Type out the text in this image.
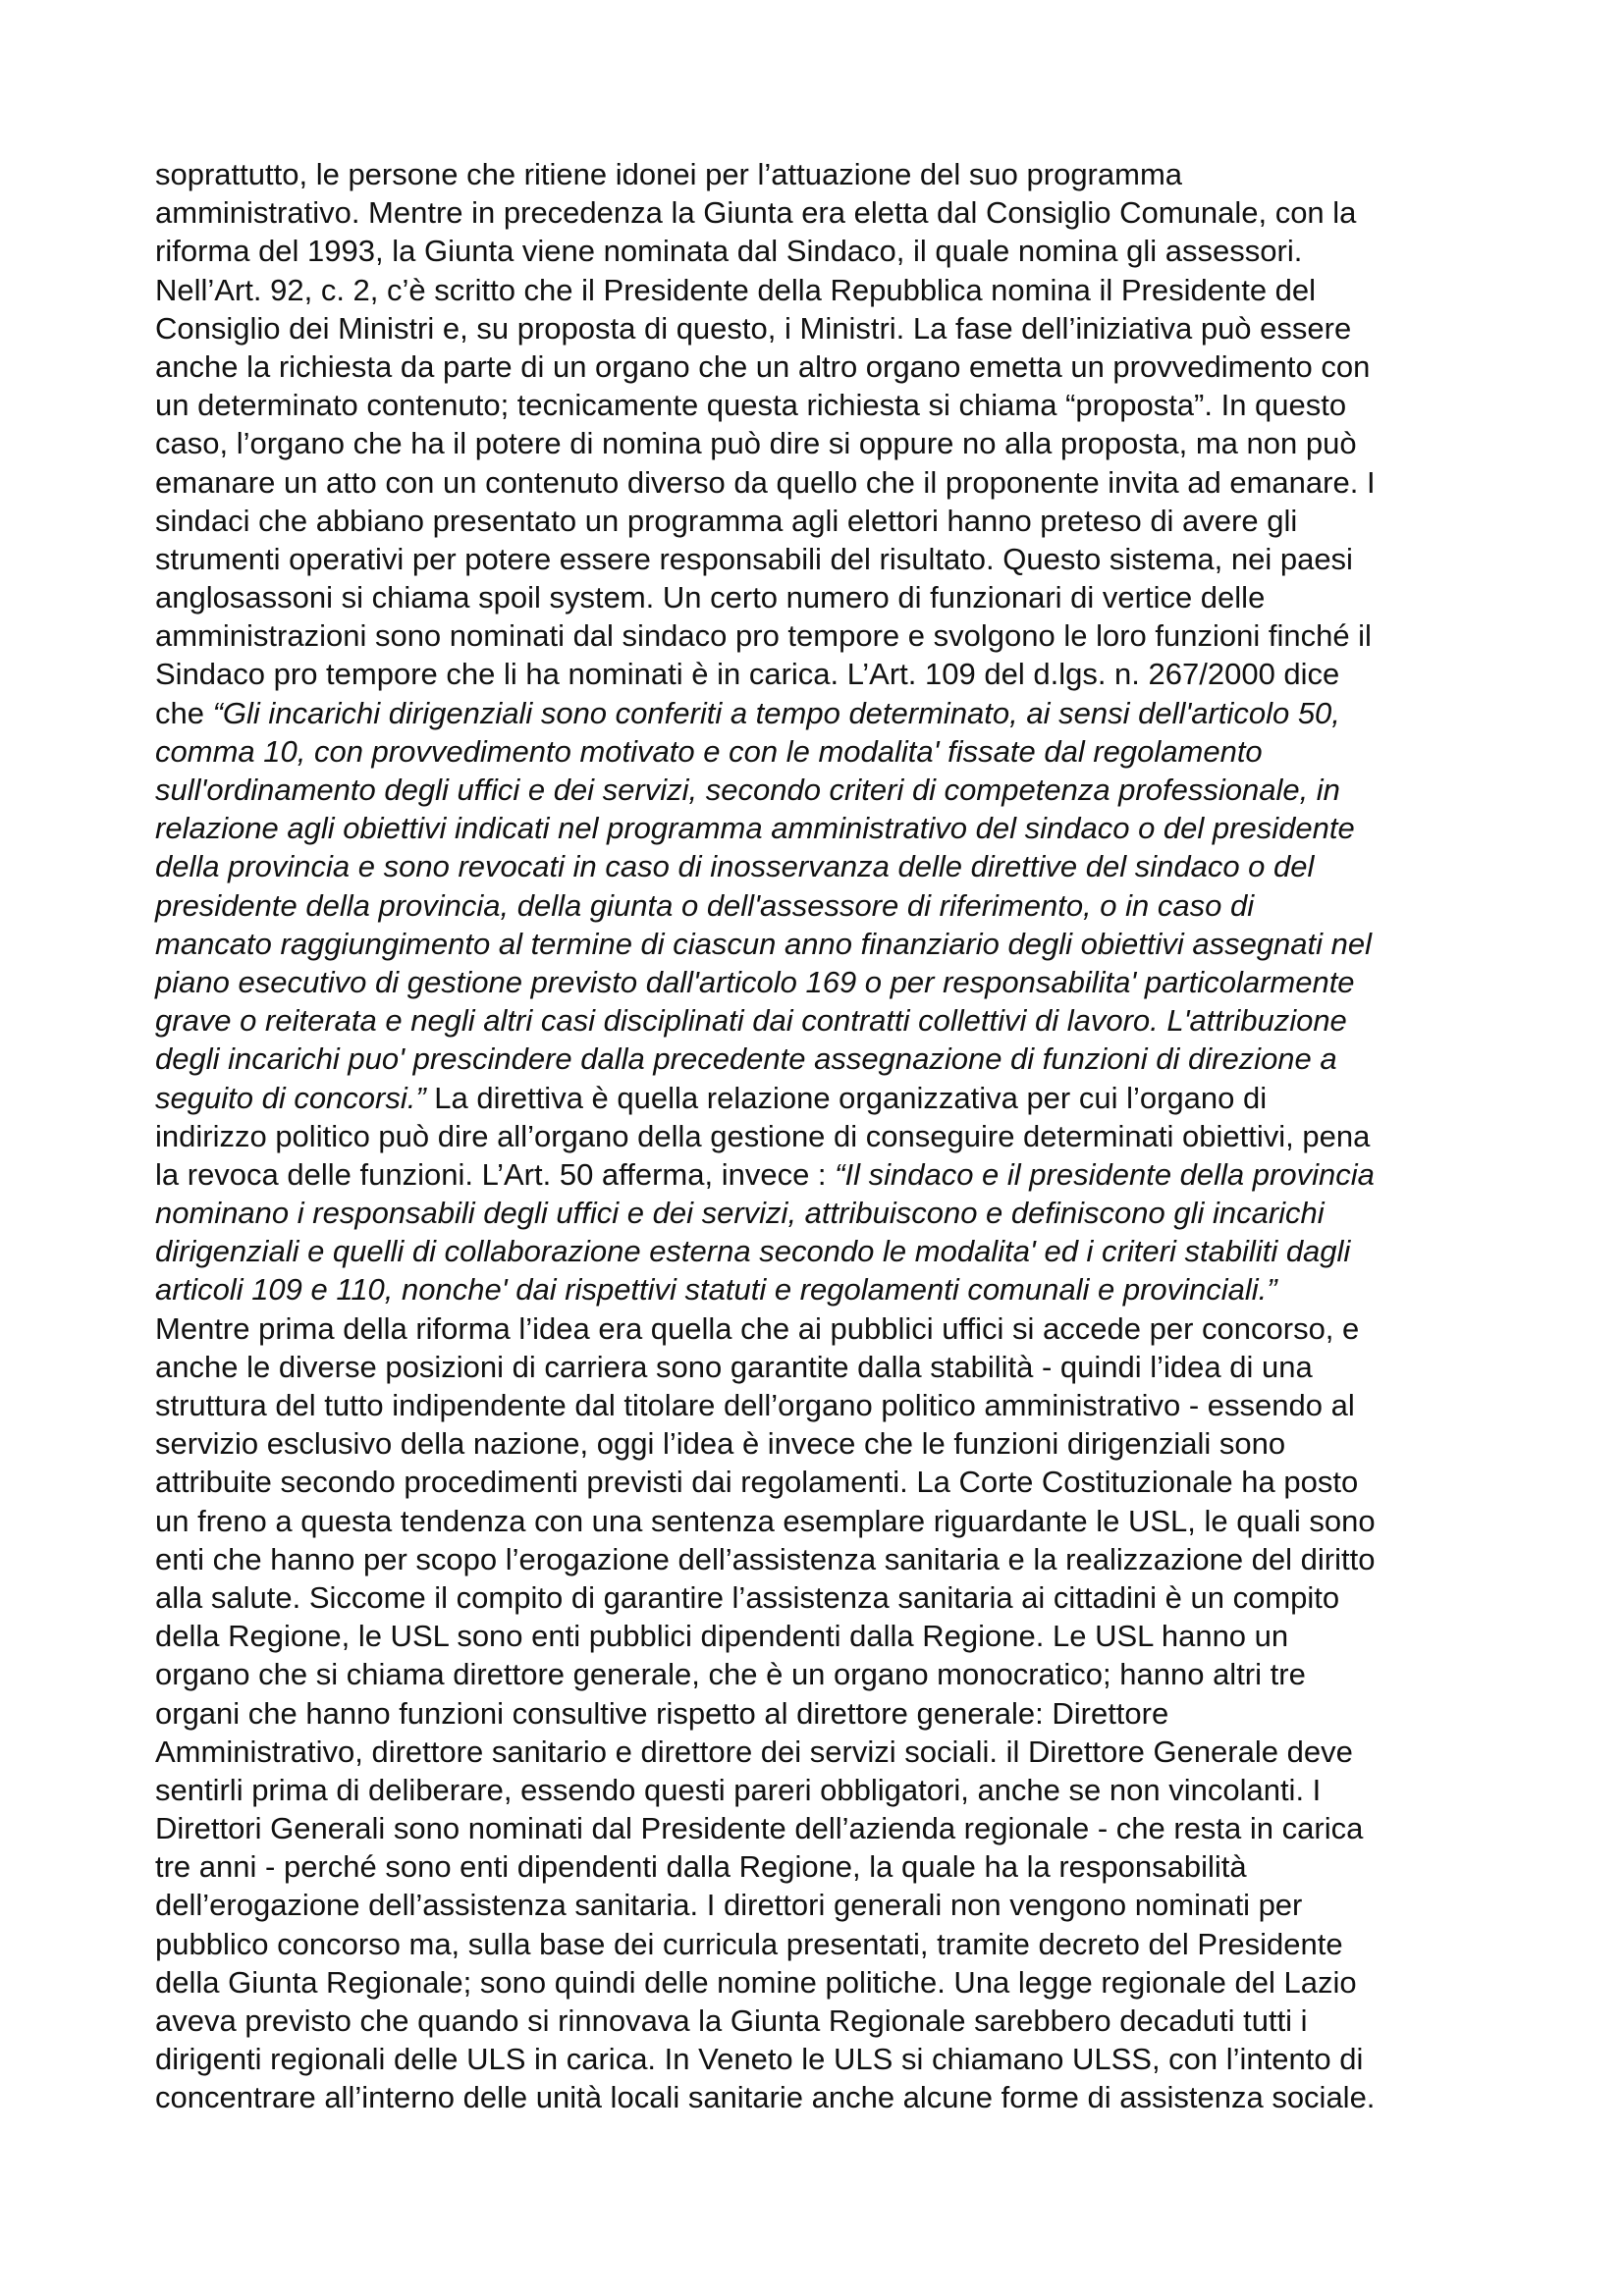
soprattutto, le persone che ritiene idonei per l’attuazione del suo programma
amministrativo. Mentre in precedenza la Giunta era eletta dal Consiglio Comunale, con la
riforma del 1993, la Giunta viene nominata dal Sindaco, il quale nomina gli assessori.
Nell’Art. 92, c. 2, c’è scritto che il Presidente della Repubblica nomina il Presidente del
Consiglio dei Ministri e, su proposta di questo, i Ministri. La fase dell’iniziativa può essere
anche la richiesta da parte di un organo che un altro organo emetta un provvedimento con
un determinato contenuto; tecnicamente questa richiesta si chiama “proposta”. In questo
caso, l’organo che ha il potere di nomina può dire si oppure no alla proposta, ma non può
emanare un atto con un contenuto diverso da quello che il proponente invita ad emanare. I
sindaci che abbiano presentato un programma agli elettori hanno preteso di avere gli
strumenti operativi per potere essere responsabili del risultato. Questo sistema, nei paesi
anglosassoni si chiama spoil system. Un certo numero di funzionari di vertice delle
amministrazioni sono nominati dal sindaco pro tempore e svolgono le loro funzioni finché il
Sindaco pro tempore che li ha nominati è in carica. L’Art. 109 del d.lgs. n. 267/2000 dice
che “Gli incarichi dirigenziali sono conferiti a tempo determinato, ai sensi dell'articolo 50,
comma 10, con provvedimento motivato e con le modalita' fissate dal regolamento
sull'ordinamento degli uffici e dei servizi, secondo criteri di competenza professionale, in
relazione agli obiettivi indicati nel programma amministrativo del sindaco o del presidente
della provincia e sono revocati in caso di inosservanza delle direttive del sindaco o del
presidente della provincia, della giunta o dell'assessore di riferimento, o in caso di
mancato raggiungimento al termine di ciascun anno finanziario degli obiettivi assegnati nel
piano esecutivo di gestione previsto dall'articolo 169 o per responsabilita' particolarmente
grave o reiterata e negli altri casi disciplinati dai contratti collettivi di lavoro. L'attribuzione
degli incarichi puo' prescindere dalla precedente assegnazione di funzioni di direzione a
seguito di concorsi.” La direttiva è quella relazione organizzativa per cui l’organo di
indirizzo politico può dire all’organo della gestione di conseguire determinati obiettivi, pena
la revoca delle funzioni. L’Art. 50 afferma, invece : “Il sindaco e il presidente della provincia
nominano i responsabili degli uffici e dei servizi, attribuiscono e definiscono gli incarichi
dirigenziali e quelli di collaborazione esterna secondo le modalita' ed i criteri stabiliti dagli
articoli 109 e 110, nonche' dai rispettivi statuti e regolamenti comunali e provinciali.”
Mentre prima della riforma l’idea era quella che ai pubblici uffici si accede per concorso, e
anche le diverse posizioni di carriera sono garantite dalla stabilità - quindi l’idea di una
struttura del tutto indipendente dal titolare dell’organo politico amministrativo - essendo al
servizio esclusivo della nazione, oggi l’idea è invece che le funzioni dirigenziali sono
attribuite secondo procedimenti previsti dai regolamenti. La Corte Costituzionale ha posto
un freno a questa tendenza con una sentenza esemplare riguardante le USL, le quali sono
enti che hanno per scopo l’erogazione dell’assistenza sanitaria e la realizzazione del diritto
alla salute. Siccome il compito di garantire l’assistenza sanitaria ai cittadini è un compito
della Regione, le USL sono enti pubblici dipendenti dalla Regione. Le USL hanno un
organo che si chiama direttore generale, che è un organo monocratico; hanno altri tre
organi che hanno funzioni consultive rispetto al direttore generale: Direttore
Amministrativo, direttore sanitario e direttore dei servizi sociali. il Direttore Generale deve
sentirli prima di deliberare, essendo questi pareri obbligatori, anche se non vincolanti. I
Direttori Generali sono nominati dal Presidente dell’azienda regionale - che resta in carica
tre anni - perché sono enti dipendenti dalla Regione, la quale ha la responsabilità
dell’erogazione dell’assistenza sanitaria. I direttori generali non vengono nominati per
pubblico concorso ma, sulla base dei curricula presentati, tramite decreto del Presidente
della Giunta Regionale; sono quindi delle nomine politiche. Una legge regionale del Lazio
aveva previsto che quando si rinnovava la Giunta Regionale sarebbero decaduti tutti i
dirigenti regionali delle ULS in carica. In Veneto le ULS si chiamano ULSS, con l’intento di
concentrare all’interno delle unità locali sanitarie anche alcune forme di assistenza sociale.
